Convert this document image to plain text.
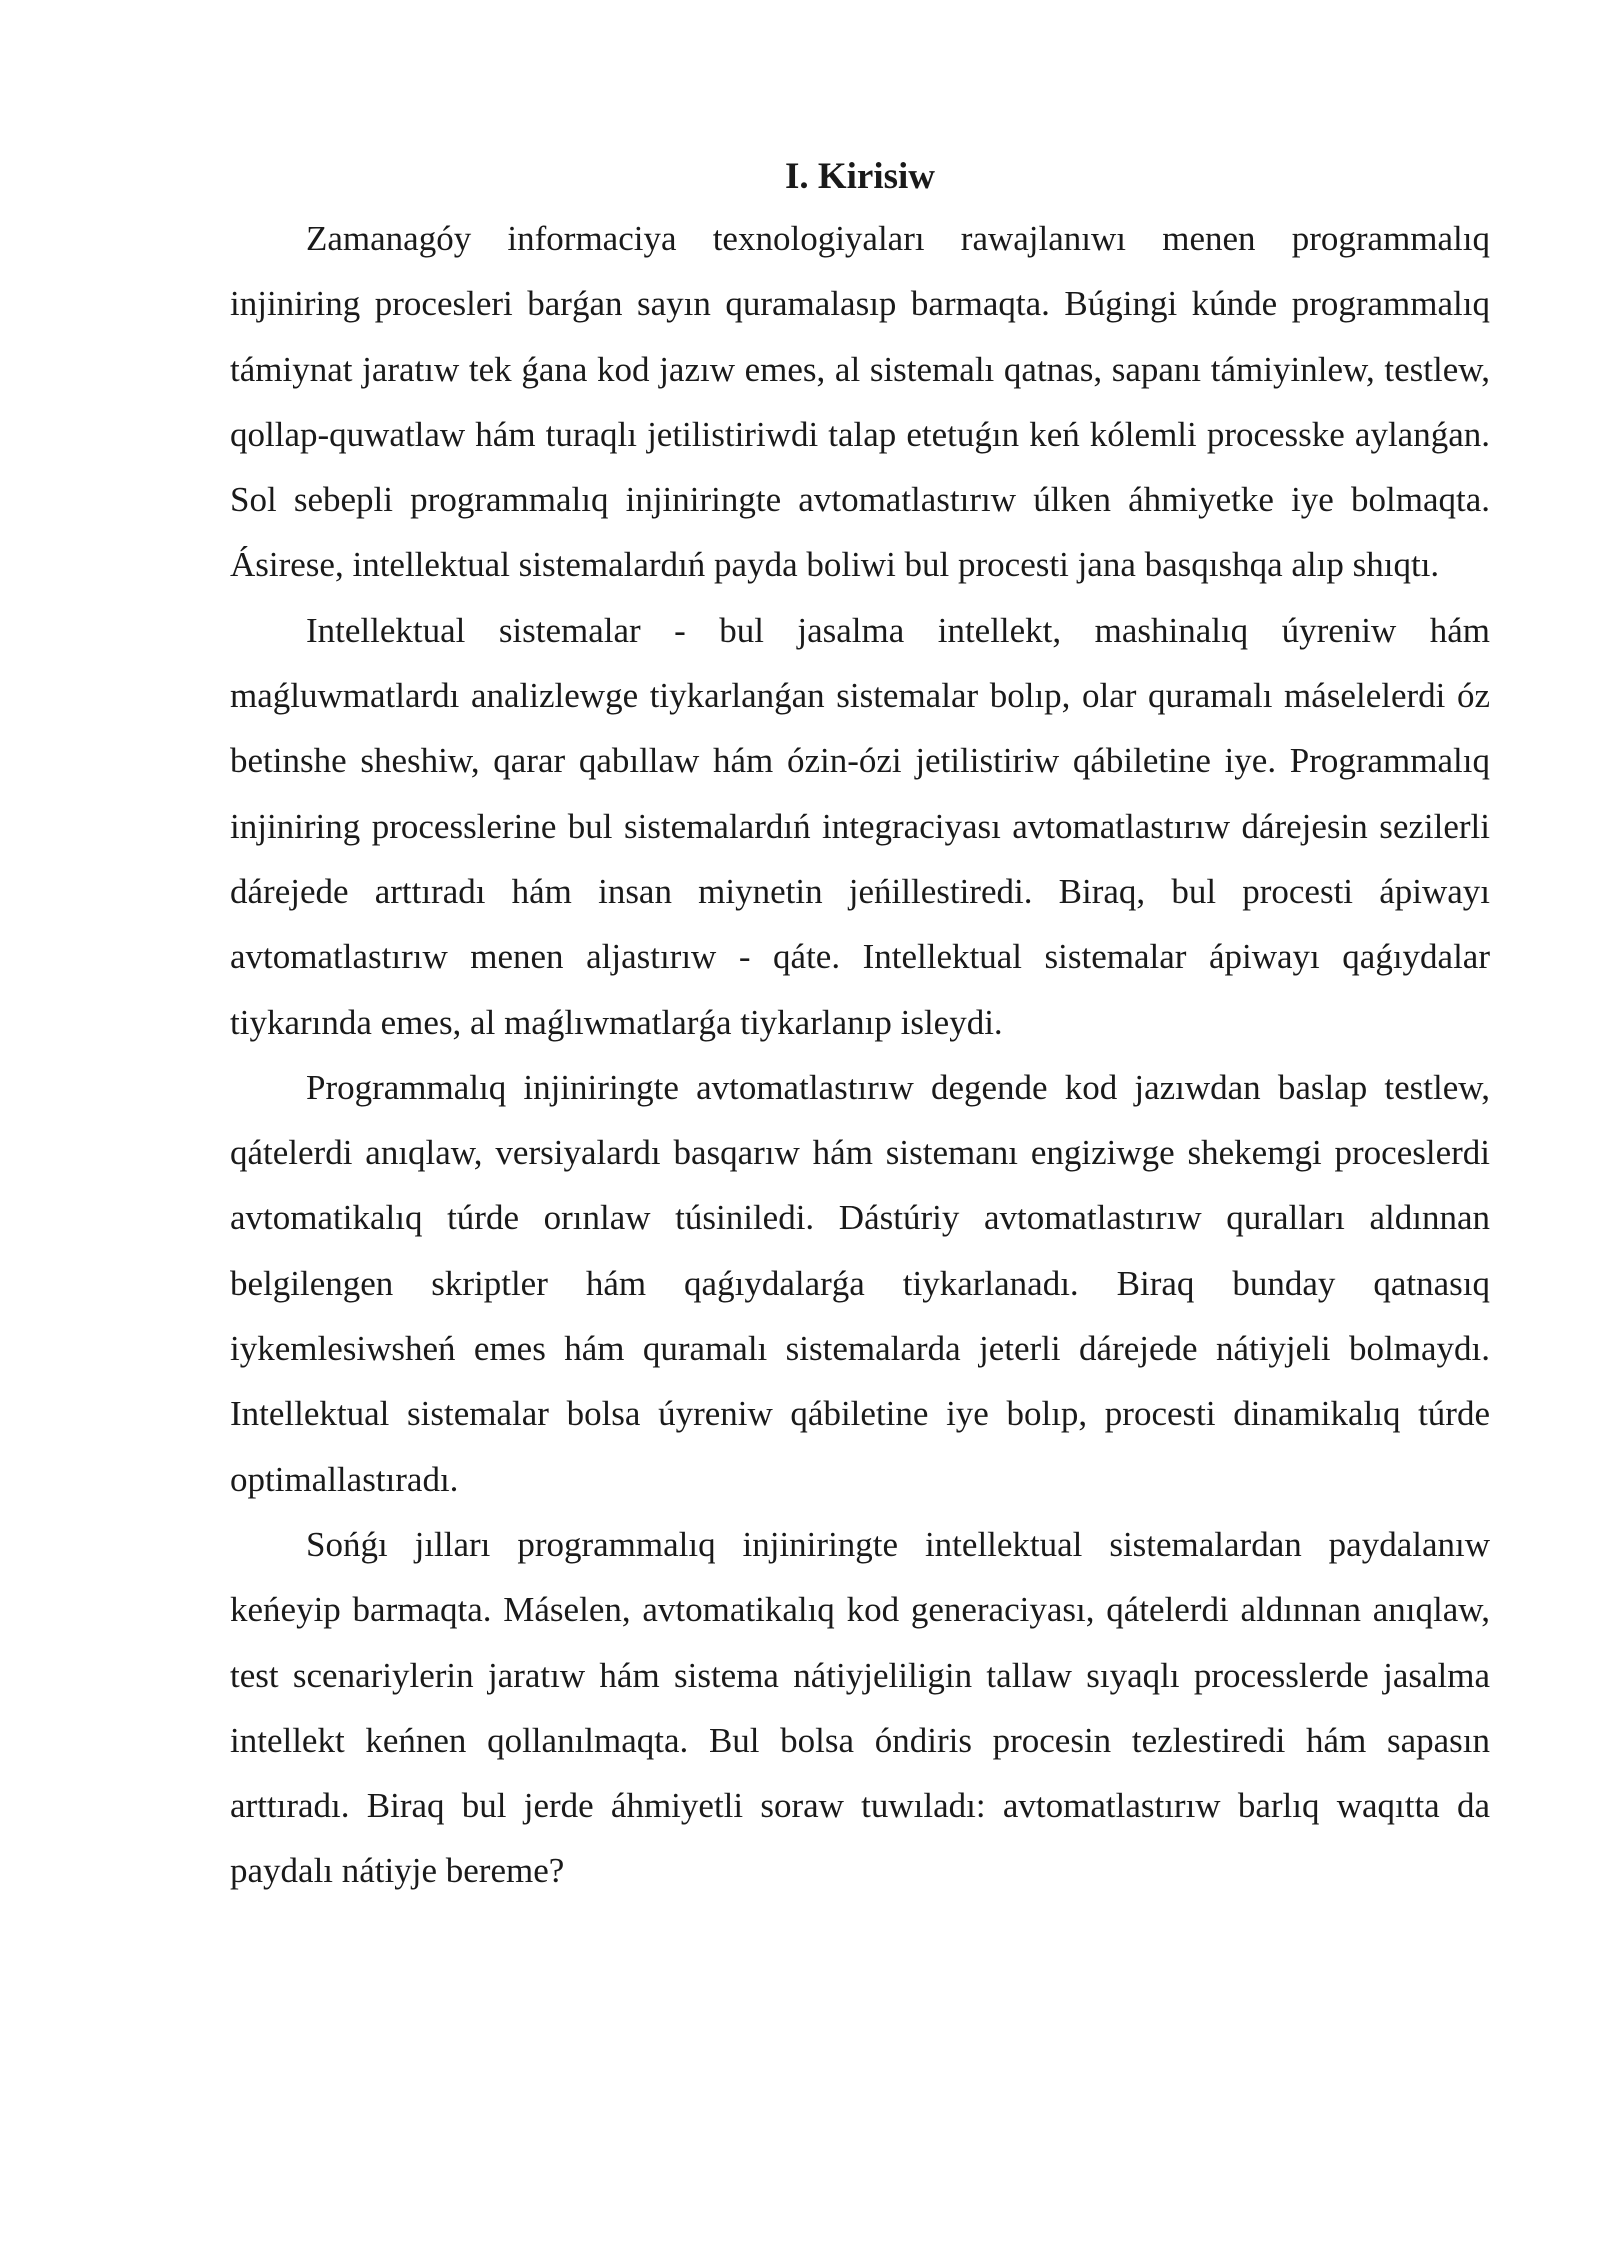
I. Kirisiw

Zamanagóy informaciya texnologiyaları rawajlanıwı menen programmalıq injiniring procesleri barǵan sayın quramalasıp barmaqta. Búgingi kúnde programmalıq támiynat jaratıw tek ǵana kod jazıw emes, al sistemalı qatnas, sapanı támiyinlew, testlew, qollap-quwatlaw hám turaqlı jetilistiriwdi talap etetuǵın keń kólemli processke aylanǵan. Sol sebepli programmalıq injiniringte avtomatlastırıw úlken áhmiyetke iye bolmaqta. Ásirese, intellektual sistemalardıń payda boliwi bul procesti jana basqıshqa alıp shıqtı.

Intellektual sistemalar - bul jasalma intellekt, mashinalıq úyreniw hám maǵluwmatlardı analizlewge tiykarlanǵan sistemalar bolıp, olar quramalı máselelerdi óz betinshe sheshiw, qarar qabıllaw hám ózin-ózi jetilistiriw qábiletine iye. Programmalıq injiniring processlerine bul sistemalardıń integraciyası avtomatlastırıw dárejesin sezilerli dárejede arttıradı hám insan miynetin jeńillestiredi. Biraq, bul procesti ápiwayı avtomatlastırıw menen aljastırıw - qáte. Intellektual sistemalar ápiwayı qaǵıydalar tiykarında emes, al maǵlıwmatlarǵa tiykarlanıp isleydi.

Programmalıq injiniringte avtomatlastırıw degende kod jazıwdan baslap testlew, qátelerdi anıqlaw, versiyalardı basqarıw hám sistemanı engiziwge shekemgi proceslerdi avtomatikalıq túrde orınlaw túsiniledi. Dástúriy avtomatlastırıw quralları aldınnan belgilengen skriptler hám qaǵıydalarǵa tiykarlanadı. Biraq bunday qatnasıq iykemlesiwsheń emes hám quramalı sistemalarda jeterli dárejede nátiyjeli bolmaydı. Intellektual sistemalar bolsa úyreniw qábiletine iye bolıp, procesti dinamikalıq túrde optimallastıradı.

Sońǵı jılları programmalıq injiniringte intellektual sistemalardan paydalanıw keńeyip barmaqta. Máselen, avtomatikalıq kod generaciyası, qátelerdi aldınnan anıqlaw, test scenariylerin jaratıw hám sistema nátiyjeliligin tallaw sıyaqlı processlerde jasalma intellekt keńnen qollanılmaqta. Bul bolsa óndiris procesin tezlestiredi hám sapasın arttıradı. Biraq bul jerde áhmiyetli soraw tuwıladı: avtomatlastırıw barlıq waqıtta da paydalı nátiyje bereme?
